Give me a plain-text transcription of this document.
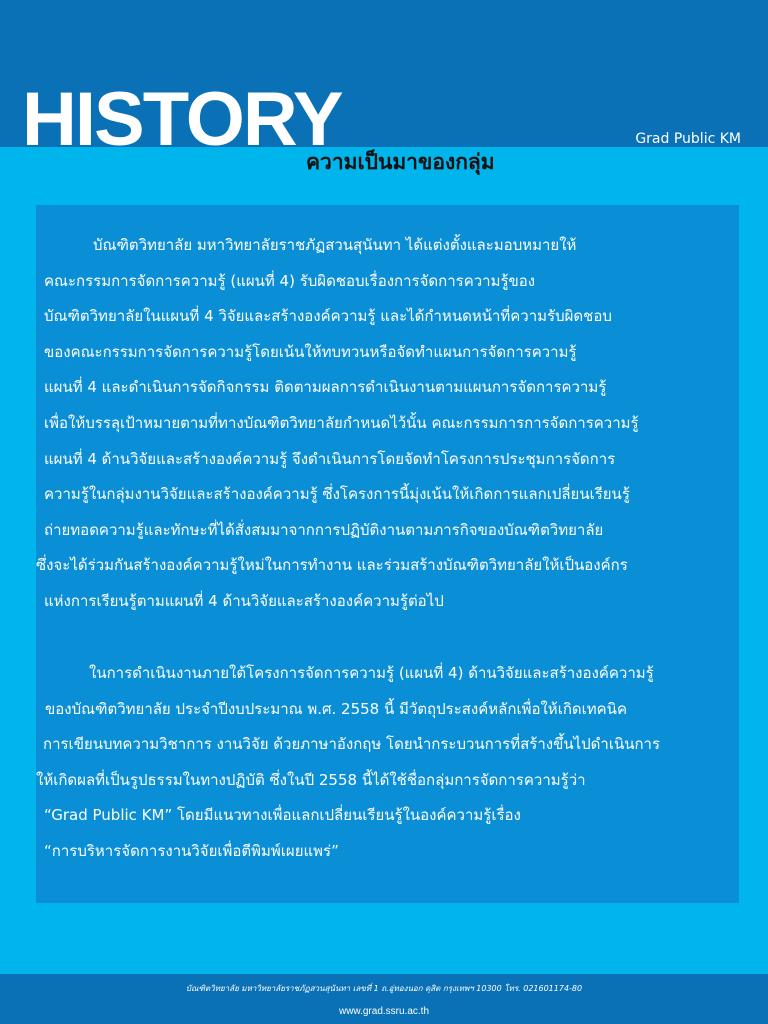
HISTORY	Grad Public KM
ความเป็นมาของกลุ่ม
บัณฑิตวิทยาลัย มหาวิทยาลัยราชภัฏสวนสุนันทา ได้แต่งตั้งและมอบหมายให้
คณะกรรมการจัดการความรู้ (แผนที่ 4) รับผิดชอบเรื่องการจัดการความรู้ของ
บัณฑิตวิทยาลัยในแผนที่ 4 วิจัยและสร้างองค์ความรู้ และได้กำหนดหน้าที่ความรับผิดชอบ
ของคณะกรรมการจัดการความรู้โดยเน้นให้ทบทวนหรือจัดทำแผนการจัดการความรู้
แผนที่ 4 และดำเนินการจัดกิจกรรม ติดตามผลการดำเนินงานตามแผนการจัดการความรู้
เพื่อให้บรรลุเป้าหมายตามที่ทางบัณฑิตวิทยาลัยกำหนดไว้นั้น คณะกรรมการการจัดการความรู้
แผนที่ 4 ด้านวิจัยและสร้างองค์ความรู้ จึงดำเนินการโดยจัดทำโครงการประชุมการจัดการ
ความรู้ในกลุ่มงานวิจัยและสร้างองค์ความรู้ ซึ่งโครงการนี้มุ่งเน้นให้เกิดการแลกเปลี่ยนเรียนรู้
ถ่ายทอดความรู้และทักษะที่ได้สั่งสมมาจากการปฏิบัติงานตามภารกิจของบัณฑิตวิทยาลัย
ซึ่งจะได้ร่วมกันสร้างองค์ความรู้ใหม่ในการทำงาน และร่วมสร้างบัณฑิตวิทยาลัยให้เป็นองค์กร
แห่งการเรียนรู้ตามแผนที่ 4 ด้านวิจัยและสร้างองค์ความรู้ต่อไป
ในการดำเนินงานภายใต้โครงการจัดการความรู้ (แผนที่ 4) ด้านวิจัยและสร้างองค์ความรู้
ของบัณฑิตวิทยาลัย ประจำปีงบประมาณ พ.ศ. 2558 นี้ มีวัตถุประสงค์หลักเพื่อให้เกิดเทคนิค
การเขียนบทความวิชาการ งานวิจัย ด้วยภาษาอังกฤษ โดยนำกระบวนการที่สร้างขึ้นไปดำเนินการ
ให้เกิดผลที่เป็นรูปธรรมในทางปฏิบัติ ซึ่งในปี 2558 นี้ได้ใช้ชื่อกลุ่มการจัดการความรู้ว่า
“Grad Public KM” โดยมีแนวทางเพื่อแลกเปลี่ยนเรียนรู้ในองค์ความรู้เรื่อง
“การบริหารจัดการงานวิจัยเพื่อตีพิมพ์เผยแพร่”
บัณฑิตวิทยาลัย มหาวิทยาลัยราชภัฏสวนสุนันทา เลขที่ 1 ถ.อู่ทองนอก ดุสิต กรุงเทพฯ 10300 โทร. 021601174-80
www.grad.ssru.ac.th
